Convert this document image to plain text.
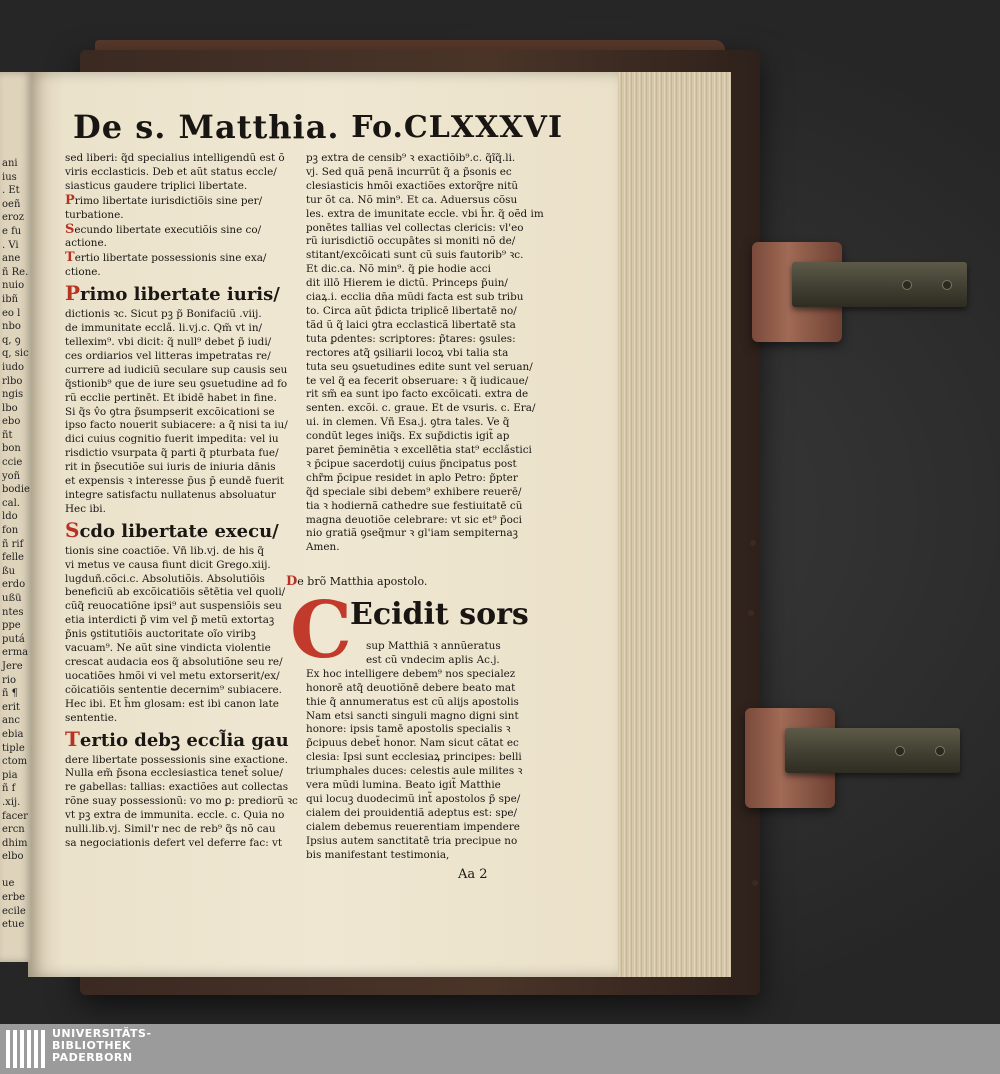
De s. Matthia. Fo.CLXXXVI

sed liberi: q̃d specialius intelligendũ est õ

viris ecclasticis. Deb et aũt status eccle/

siasticus gaudere triplici libertate.

Primo libertate iurisdictiõis sine per/

turbatione.

Secundo libertate executiõis sine co/

actione.

Tertio libertate possessionis sine exa/

ctione.

Primo libertate iuris/

dictionis ꝛc. Sicut pꝫ p̃ Bonifaciũ .viij.

de immunitate eccla̋. li.vj.c. Qm̃ vt in/

tellexim⁹. vbi dicit: q̃ null⁹ debet p̃ iudi/

ces ordiarios vel litteras impetratas re/

currere ad iudiciũ seculare sup causis seu

q̃stionib⁹ que de iure seu ꝯsuetudine ad fo

rũ ecclie pertinēt. Et ibidē habet in fine.

Si q̃s v̂o ꝯtra p̃sumpserit excõicationi se

ipso facto nouerit subiacere: a q̃ nisi ta iu/

dici cuius cognitio fuerit impedita: vel iu

risdictio vsurpata q̃ parti q̃ pturbata fue/

rit in p̃secutiõe sui iuris de iniuria dānis

et expensis ꝛ interesse p̄us p̄ eundē fuerit

integre satisfactu nullatenus absoluatur

Hec ibi.

Scdo libertate execu/

tionis sine coactiõe. Vñ lib.vj. de his q̃

vi metus ve causa fiunt dicit Grego.xiij.

lugduñ.cõci.c. Absolutiõis. Absolutiõis

beneficiũ ab excõicatiõis sētētia vel quoli/

cũq̃ reuocatiõne ipsi⁹ aut suspensiõis seu

etia interdicti p̃ vim vel p̃ metũ extortaꝫ

p̃nis ꝯstitutiõis auctoritate oĩo viribꝫ

vacuam⁹. Ne aũt sine vindicta violentie

crescat audacia eos q̃ absolutiõne seu re/

uocatiões hmõi vi vel metu extorserit/ex/

cõicatiõis sententie decernim⁹ subiacere.

Hec ibi. Et h̃m glosam: est ibi canon late

sententie.

Tertio debꝫ eccl̃ia gau

dere libertate possessionis sine exactione.

Nulla em̃ p̃sona ecclesiastica tenet̃ solue/

re gabellas: tallias: exactiões aut collectas

rõne suay possessionũ: vo mo ꝑ: prediorũ ꝛc

vt pꝫ extra de immunita. eccle. c. Quia no

nulli.lib.vj. Simil'r nec de reb⁹ q̃s nõ cau

sa negociationis defert vel deferre fac: vt

pꝫ extra de censib⁹ ꝛ exactiõib⁹.c. q̃ĩq̃.li.

vj. Sed quã penā incurrũt q̃ a p̃sonis ec

clesiasticis hmõi exactiões extorq̃re nitũ

tur õt ca. Nõ min⁹. Et ca. Aduersus cõsu

les. extra de imunitate eccle. vbi h̃r. q̃ oẽd im

ponētes tallias vel collectas clericis: vl'eo

rũ iurisdictiõ occupātes si moniti nõ de/

stitant/excõicati sunt cũ suis fautorib⁹ ꝛc.

Et dic.ca. Nõ min⁹. q̃ ꝑie hodie acci

dit illō Hierem ie dictũ. Princeps p̃uin/

ciaꝝ.i. ecclia dn̄a mũdi facta est sub tribu

to. Circa aũt p̄dicta triplicē libertatē no/

tãd ũ q̃ laici ꝯtra ecclasticã libertatē sta

tuta ꝑdentes: scriptores: p̃tares: ꝯsules:

rectores atq̃ ꝯsiliarii locoꝝ vbi talia sta

tuta seu ꝯsuetudines edite sunt vel seruan/

te vel q̃ ea fecerit obseruare: ꝛ q̃ iudicaue/

rit sm̃ ea sunt ipo facto excõicati. extra de

senten. excõi. c. graue. Et de vsuris. c. Era/

ui. in clemen. Vñ Esa.j. ꝯtra tales. Ve q̃

condũt leges iniq̃s. Ex sup̃dictis igit̃ ap

paret p̄eminētia ꝛ excellētia stat⁹ eccla̋stici

ꝛ p̄cipue sacerdotij cuius p̃ncipatus post

chr̃m p̄cipue residet in aplo Petro: p̃pter

q̃d speciale sibi debem⁹ exhibere reuerē/

tia ꝛ hodiernã cathedre sue festiuitatē cũ

magna deuotiõe celebrare: vt sic et⁹ p̃oci

nio gratiã ꝯseq̃mur ꝛ gl'iam sempiternaꝫ

Amen.

De brõ Matthia apostolo.
C
Ecidit sors

sup Matthiã ꝛ annũeratus

est cũ vndecim aplis Ac.j.

Ex hoc intelligere debem⁹ nos specialez

honorē atq̃ deuotiõnē debere beato mat

thie q̃ annumeratus est cũ alijs apostolis

Nam etsi sancti singuli magno digni sint

honore: ipsis tamē apostolis specialis ꝛ

p̃cipuus debet̃ honor. Nam sicut cãtat ec

clesia: Ipsi sunt ecclesiaꝝ principes: belli

triumphales duces: celestis aule milites ꝛ

vera mũdi lumina. Beato igit̃ Matthie

qui locuꝫ duodecimũ int̃ apostolos p̃ spe/

cialem dei prouidentiã adeptus est: spe/

cialem debemus reuerentiam impendere

Ipsius autem sanctitatē tria precipue no

bis manifestant testimonia,

Aa 2
ani
ius
. Et
oeñ
eroz
e fu
. Vi
ane
ñ Re.
nuio
ibñ
eo l
nbo
q, ꝯ
q, sic
iudo
rlbo
ngis
lbo
ebo
ñt
bon
ccie
yoñ
bodie
cal.
ldo
fon
ñ rif
felle
ßu
erdo
ußü
ntes
ppe
putá
erma
Jere
rio
ñ ¶
erit
anc
ebia
tiple
ctom
pia
ñ f
.xij.
facer
ercn
dhim
elbo

ue
erbe
ecile
etue
UNIVERSITÄTS-
BIBLIOTHEK
PADERBORN
